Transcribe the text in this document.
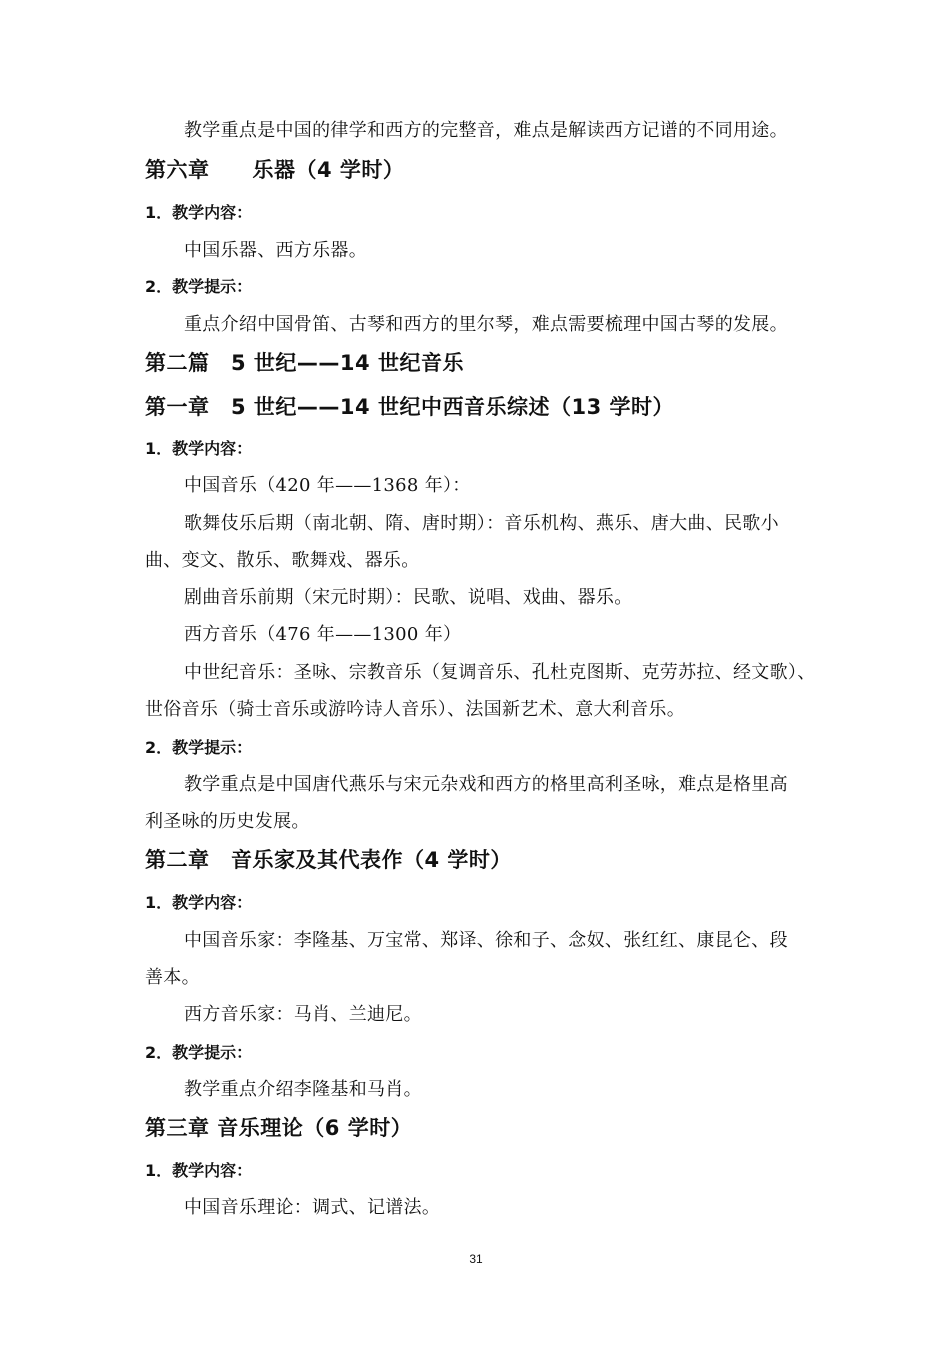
教学重点是中国的律学和西方的完整音，难点是解读西方记谱的不同用途。
第六章　　乐器（4 学时）
1．教学内容：
中国乐器、西方乐器。
2．教学提示：
重点介绍中国骨笛、古琴和西方的里尔琴，难点需要梳理中国古琴的发展。
第二篇　5 世纪——14 世纪音乐
第一章　5 世纪——14 世纪中西音乐综述（13 学时）
1．教学内容：
中国音乐（420 年——1368 年）：
歌舞伎乐后期（南北朝、隋、唐时期）：音乐机构、燕乐、唐大曲、民歌小
曲、变文、散乐、歌舞戏、器乐。
剧曲音乐前期（宋元时期）：民歌、说唱、戏曲、器乐。
西方音乐（476 年——1300 年）
中世纪音乐：圣咏、宗教音乐（复调音乐、孔杜克图斯、克劳苏拉、经文歌）、
世俗音乐（骑士音乐或游吟诗人音乐）、法国新艺术、意大利音乐。
2．教学提示：
教学重点是中国唐代燕乐与宋元杂戏和西方的格里高利圣咏，难点是格里高
利圣咏的历史发展。
第二章　音乐家及其代表作（4 学时）
1．教学内容：
中国音乐家：李隆基、万宝常、郑译、徐和子、念奴、张红红、康昆仑、段
善本。
西方音乐家：马肖、兰迪尼。
2．教学提示：
教学重点介绍李隆基和马肖。
第三章 音乐理论（6 学时）
1．教学内容：
中国音乐理论：调式、记谱法。
31
